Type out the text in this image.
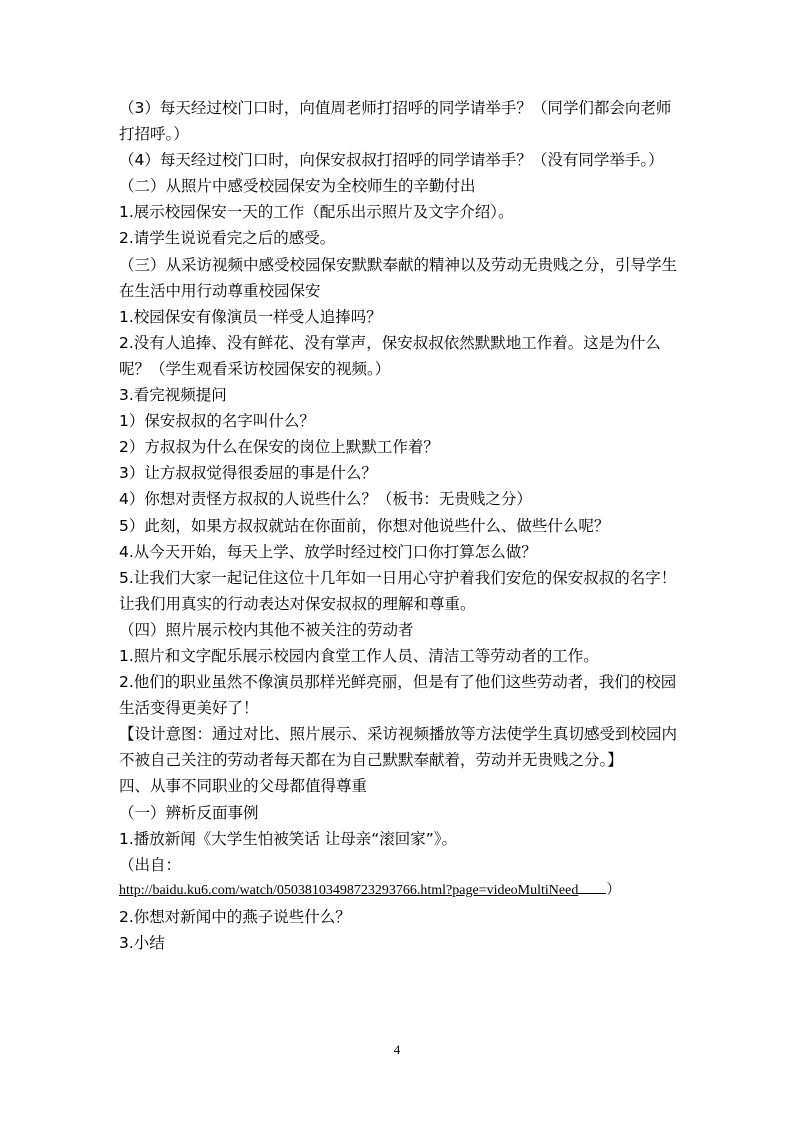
（3）每天经过校门口时，向值周老师打招呼的同学请举手？（同学们都会向老师打招呼。）

（4）每天经过校门口时，向保安叔叔打招呼的同学请举手？（没有同学举手。）

（二）从照片中感受校园保安为全校师生的辛勤付出

1.展示校园保安一天的工作（配乐出示照片及文字介绍）。

2.请学生说说看完之后的感受。

（三）从采访视频中感受校园保安默默奉献的精神以及劳动无贵贱之分，引导学生在生活中用行动尊重校园保安

1.校园保安有像演员一样受人追捧吗？

2.没有人追捧、没有鲜花、没有掌声，保安叔叔依然默默地工作着。这是为什么呢？（学生观看采访校园保安的视频。）

3.看完视频提问

1）保安叔叔的名字叫什么？

2）方叔叔为什么在保安的岗位上默默工作着？

3）让方叔叔觉得很委屈的事是什么？

4）你想对责怪方叔叔的人说些什么？（板书：无贵贱之分）

5）此刻，如果方叔叔就站在你面前，你想对他说些什么、做些什么呢？

4.从今天开始，每天上学、放学时经过校门口你打算怎么做？

5.让我们大家一起记住这位十几年如一日用心守护着我们安危的保安叔叔的名字！让我们用真实的行动表达对保安叔叔的理解和尊重。

（四）照片展示校内其他不被关注的劳动者

1.照片和文字配乐展示校园内食堂工作人员、清洁工等劳动者的工作。

2.他们的职业虽然不像演员那样光鲜亮丽，但是有了他们这些劳动者，我们的校园生活变得更美好了！

【设计意图：通过对比、照片展示、采访视频播放等方法使学生真切感受到校园内不被自己关注的劳动者每天都在为自己默默奉献着，劳动并无贵贱之分。】

四、从事不同职业的父母都值得尊重

（一）辨析反面事例

1.播放新闻《大学生怕被笑话 让母亲“滚回家”》。

（出自：

http://baidu.ku6.com/watch/05038103498723293766.html?page=videoMultiNeed ）

2.你想对新闻中的燕子说些什么？

3.小结

4
